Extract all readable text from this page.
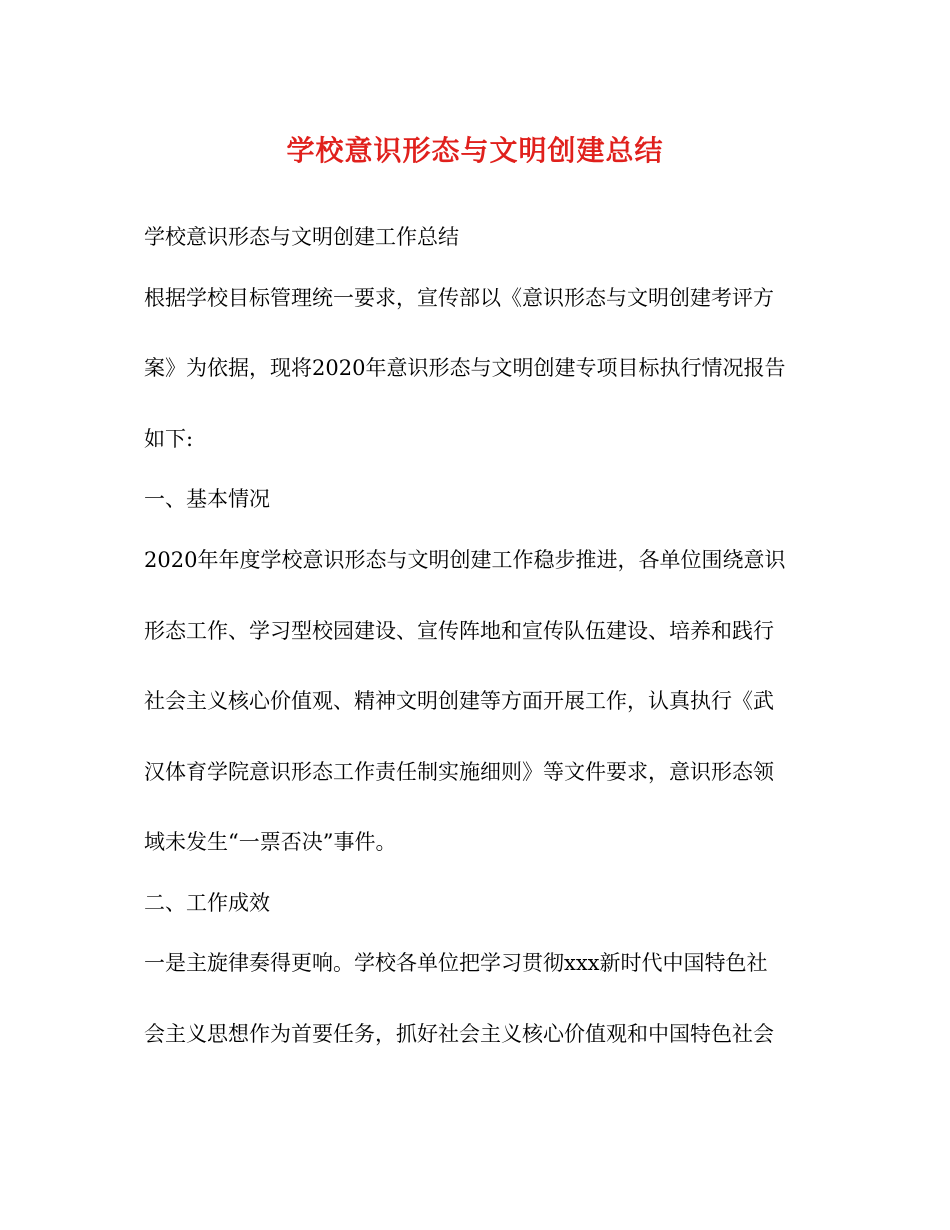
学校意识形态与文明创建总结
学校意识形态与文明创建工作总结
根据学校目标管理统一要求，宣传部以《意识形态与文明创建考评方
案》为依据，现将2020年意识形态与文明创建专项目标执行情况报告
如下:
一、基本情况
2020年年度学校意识形态与文明创建工作稳步推进，各单位围绕意识
形态工作、学习型校园建设、宣传阵地和宣传队伍建设、培养和践行
社会主义核心价值观、精神文明创建等方面开展工作，认真执行《武
汉体育学院意识形态工作责任制实施细则》等文件要求，意识形态领
域未发生“一票否决”事件。
二、工作成效
一是主旋律奏得更响。学校各单位把学习贯彻xxx新时代中国特色社
会主义思想作为首要任务，抓好社会主义核心价值观和中国特色社会
